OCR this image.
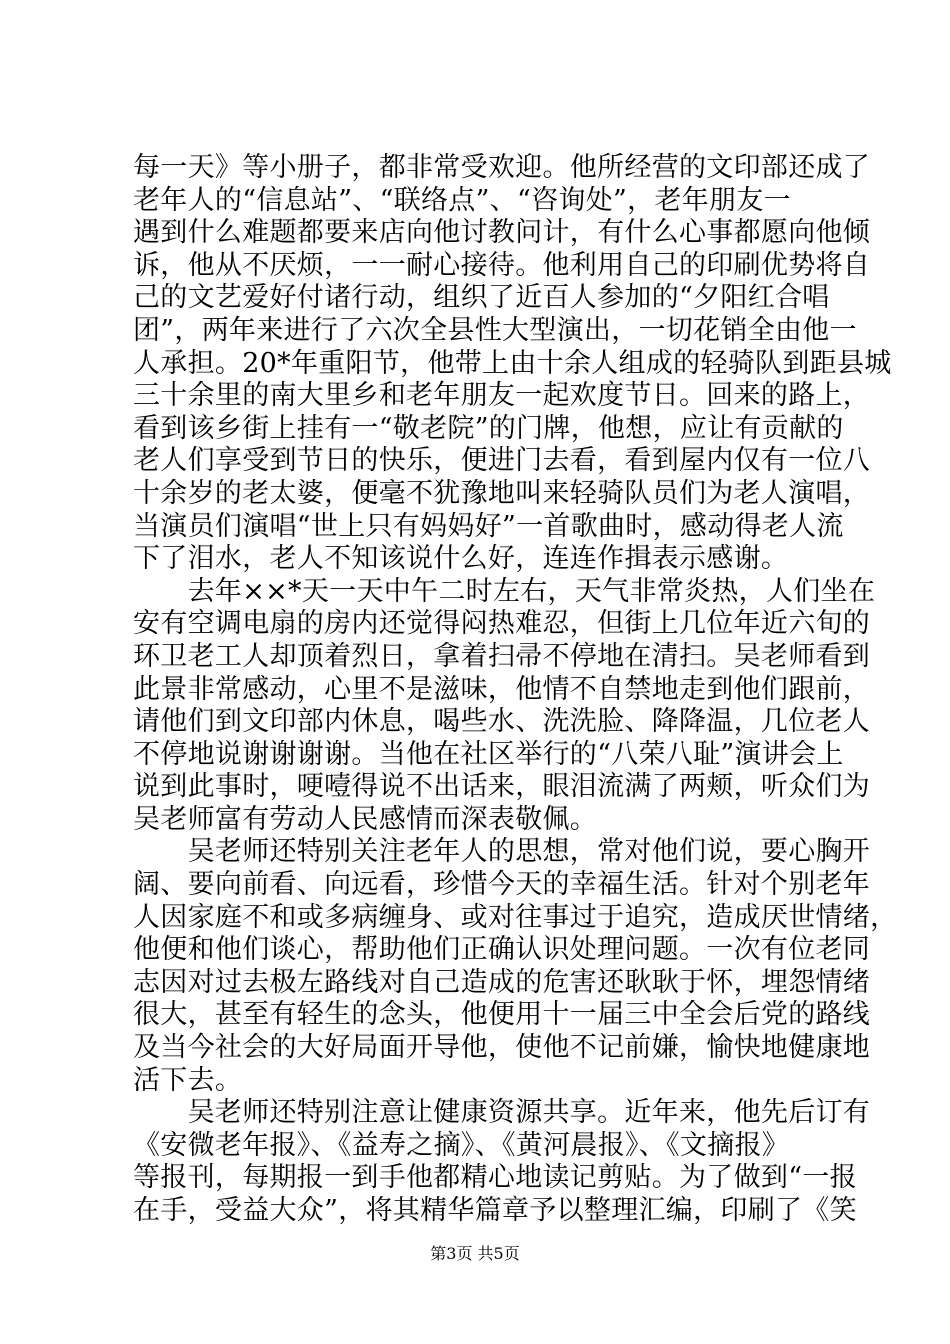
每一天》等小册子，都非常受欢迎。他所经营的文印部还成了
老年人的“信息站”、“联络点”、“咨询处”，老年朋友一
遇到什么难题都要来店向他讨教问计，有什么心事都愿向他倾
诉，他从不厌烦，一一耐心接待。他利用自己的印刷优势将自
己的文艺爱好付诸行动，组织了近百人参加的“夕阳红合唱
团”，两年来进行了六次全县性大型演出，一切花销全由他一
人承担。20*年重阳节，他带上由十余人组成的轻骑队到距县城
三十余里的南大里乡和老年朋友一起欢度节日。回来的路上，
看到该乡街上挂有一“敬老院”的门牌，他想，应让有贡献的
老人们享受到节日的快乐，便进门去看，看到屋内仅有一位八
十余岁的老太婆，便毫不犹豫地叫来轻骑队员们为老人演唱，
当演员们演唱“世上只有妈妈好”一首歌曲时，感动得老人流
下了泪水，老人不知该说什么好，连连作揖表示感谢。
　　去年××*天一天中午二时左右，天气非常炎热，人们坐在
安有空调电扇的房内还觉得闷热难忍，但街上几位年近六旬的
环卫老工人却顶着烈日，拿着扫帚不停地在清扫。吴老师看到
此景非常感动，心里不是滋味，他情不自禁地走到他们跟前，
请他们到文印部内休息，喝些水、洗洗脸、降降温，几位老人
不停地说谢谢谢谢。当他在社区举行的“八荣八耻”演讲会上
说到此事时，哽噎得说不出话来，眼泪流满了两颊，听众们为
吴老师富有劳动人民感情而深表敬佩。
　　吴老师还特别关注老年人的思想，常对他们说，要心胸开
阔、要向前看、向远看，珍惜今天的幸福生活。针对个别老年
人因家庭不和或多病缠身、或对往事过于追究，造成厌世情绪，
他便和他们谈心，帮助他们正确认识处理问题。一次有位老同
志因对过去极左路线对自己造成的危害还耿耿于怀，埋怨情绪
很大，甚至有轻生的念头，他便用十一届三中全会后党的路线
及当今社会的大好局面开导他，使他不记前嫌，愉快地健康地
活下去。
　　吴老师还特别注意让健康资源共享。近年来，他先后订有
《安微老年报》、《益寿之摘》、《黄河晨报》、《文摘报》
等报刊，每期报一到手他都精心地读记剪贴。为了做到“一报
在手，受益大众”，将其精华篇章予以整理汇编，印刷了《笑
第3页 共5页
